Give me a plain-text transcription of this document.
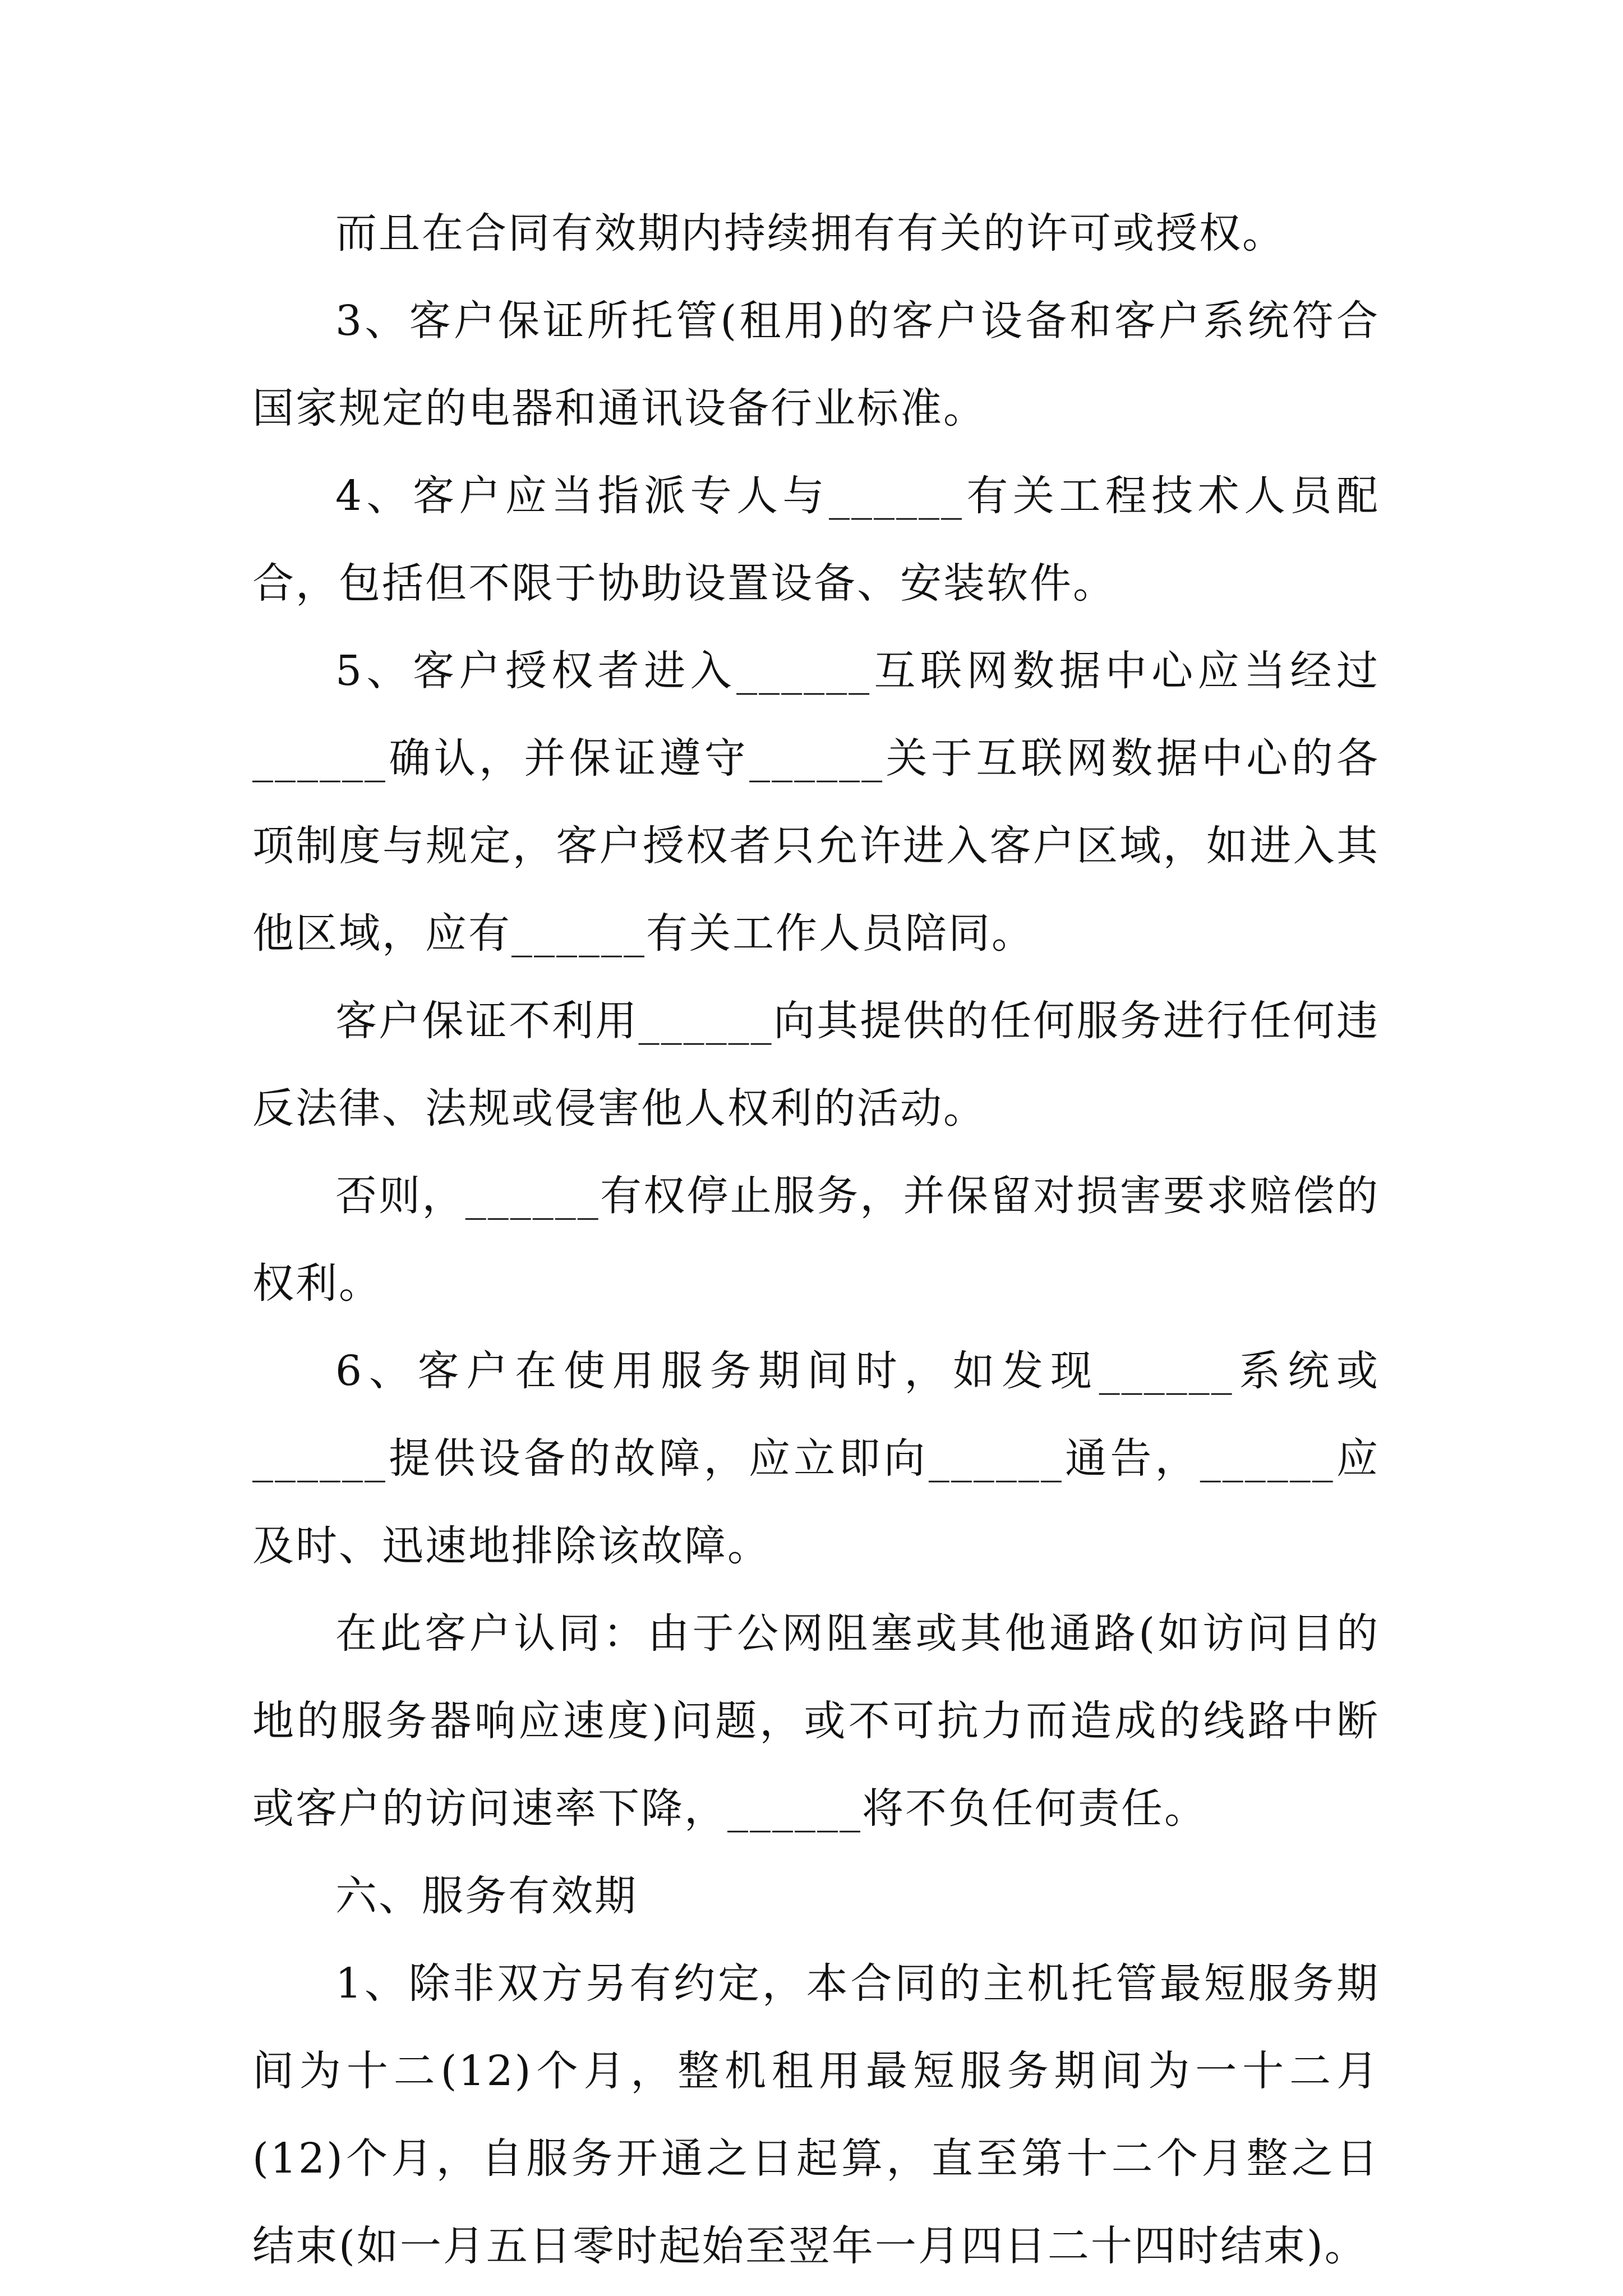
而且在合同有效期内持续拥有有关的许可或授权。

3、客户保证所托管(租用)的客户设备和客户系统符合国家规定的电器和通讯设备行业标准。

4、客户应当指派专人与______有关工程技术人员配合，包括但不限于协助设置设备、安装软件。

5、客户授权者进入______互联网数据中心应当经过______确认，并保证遵守______关于互联网数据中心的各项制度与规定，客户授权者只允许进入客户区域，如进入其他区域，应有______有关工作人员陪同。

客户保证不利用______向其提供的任何服务进行任何违反法律、法规或侵害他人权利的活动。

否则，______有权停止服务，并保留对损害要求赔偿的权利。

6、客户在使用服务期间时，如发现______系统或______提供设备的故障，应立即向______通告，______应及时、迅速地排除该故障。

在此客户认同：由于公网阻塞或其他通路(如访问目的地的服务器响应速度)问题，或不可抗力而造成的线路中断或客户的访问速率下降，______将不负任何责任。

六、服务有效期

1、除非双方另有约定，本合同的主机托管最短服务期间为十二(12)个月，整机租用最短服务期间为一十二月(12)个月，自服务开通之日起算，直至第十二个月整之日结束(如一月五日零时起始至翌年一月四日二十四时结束)。
